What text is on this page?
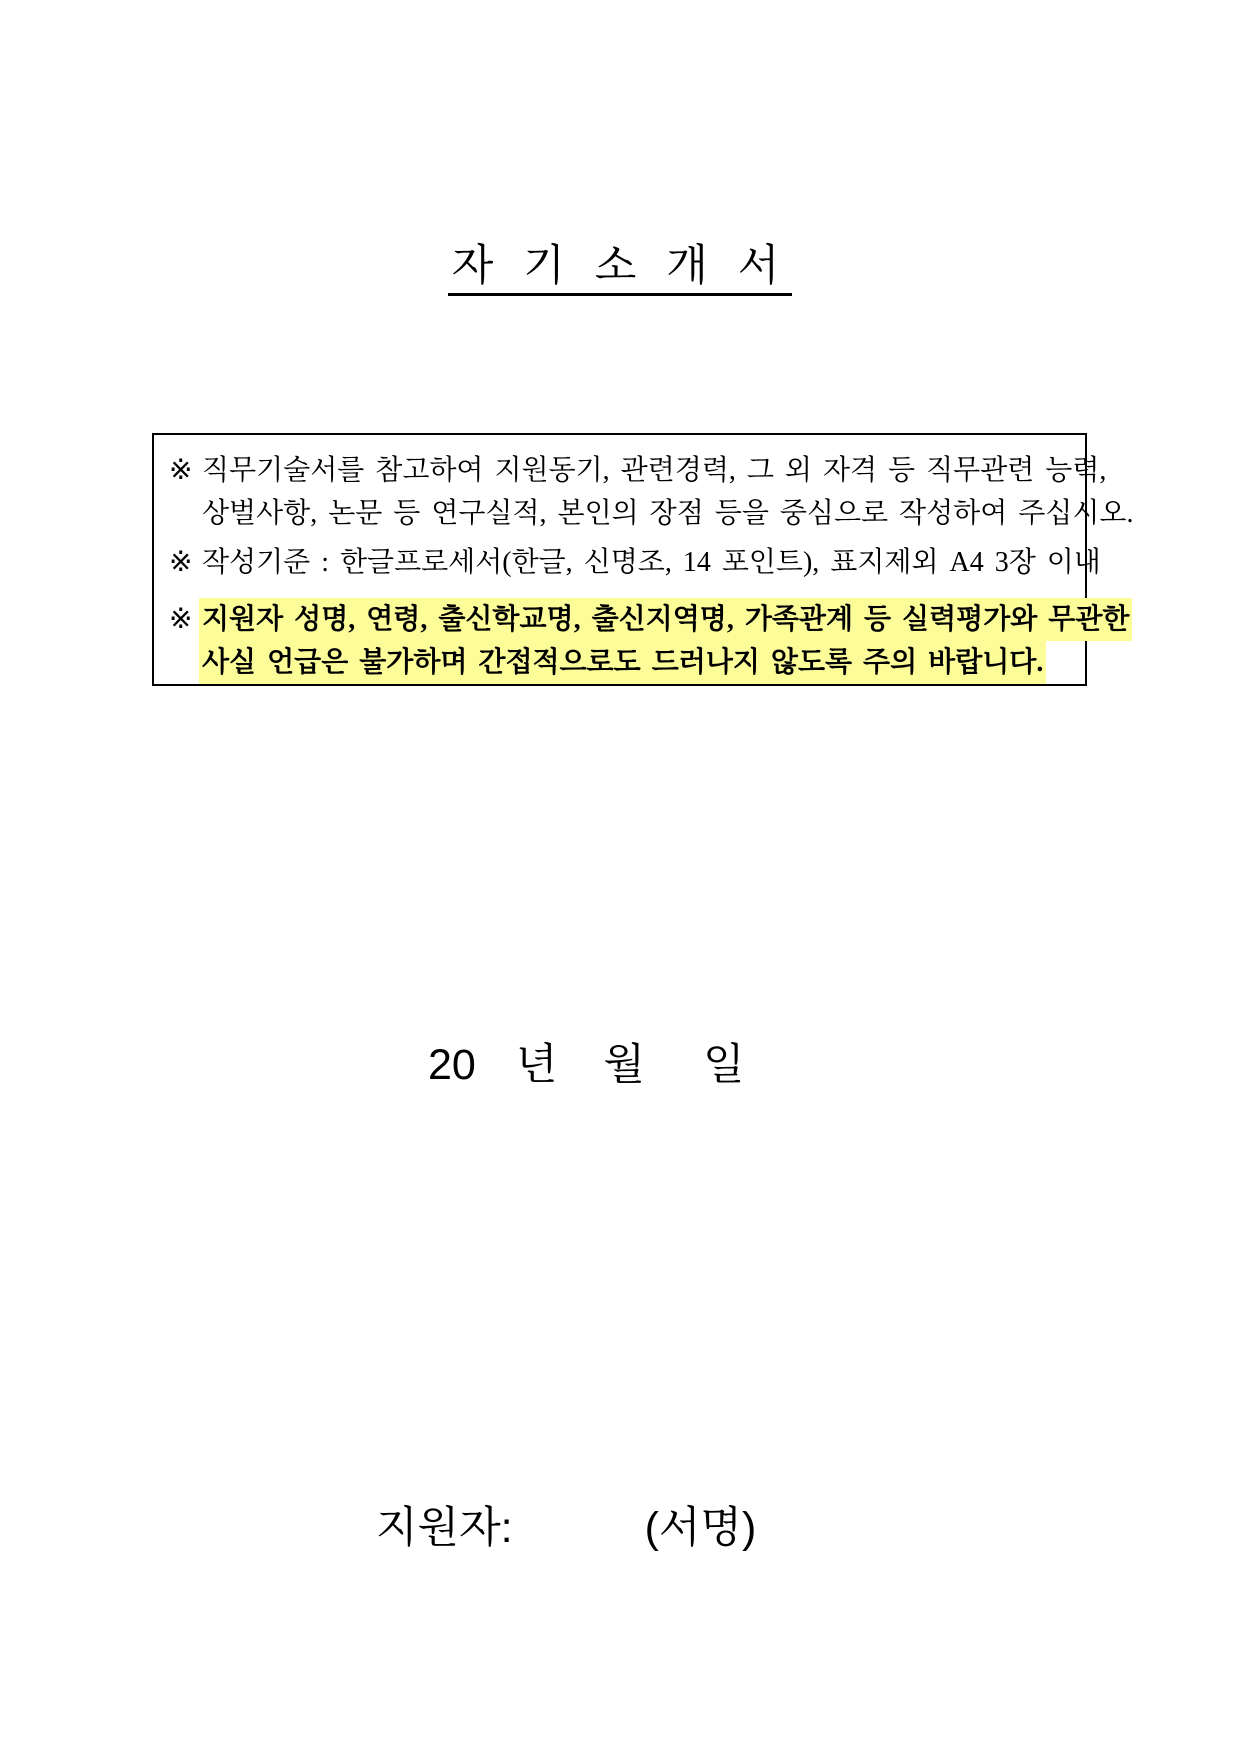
자 기 소 개 서
※ 직무기술서를 참고하여 지원동기, 관련경력, 그 외 자격 등 직무관련 능력,
상벌사항, 논문 등 연구실적, 본인의 장점 등을 중심으로 작성하여 주십시오.
※ 작성기준 : 한글프로세서(한글, 신명조, 14 포인트), 표지제외 A4 3장 이내
※ 지원자 성명, 연령, 출신학교명, 출신지역명, 가족관계 등 실력평가와 무관한
사실 언급은 불가하며 간접적으로도 드러나지 않도록 주의 바랍니다.
20 년 월 일
지원자:	(서명)
